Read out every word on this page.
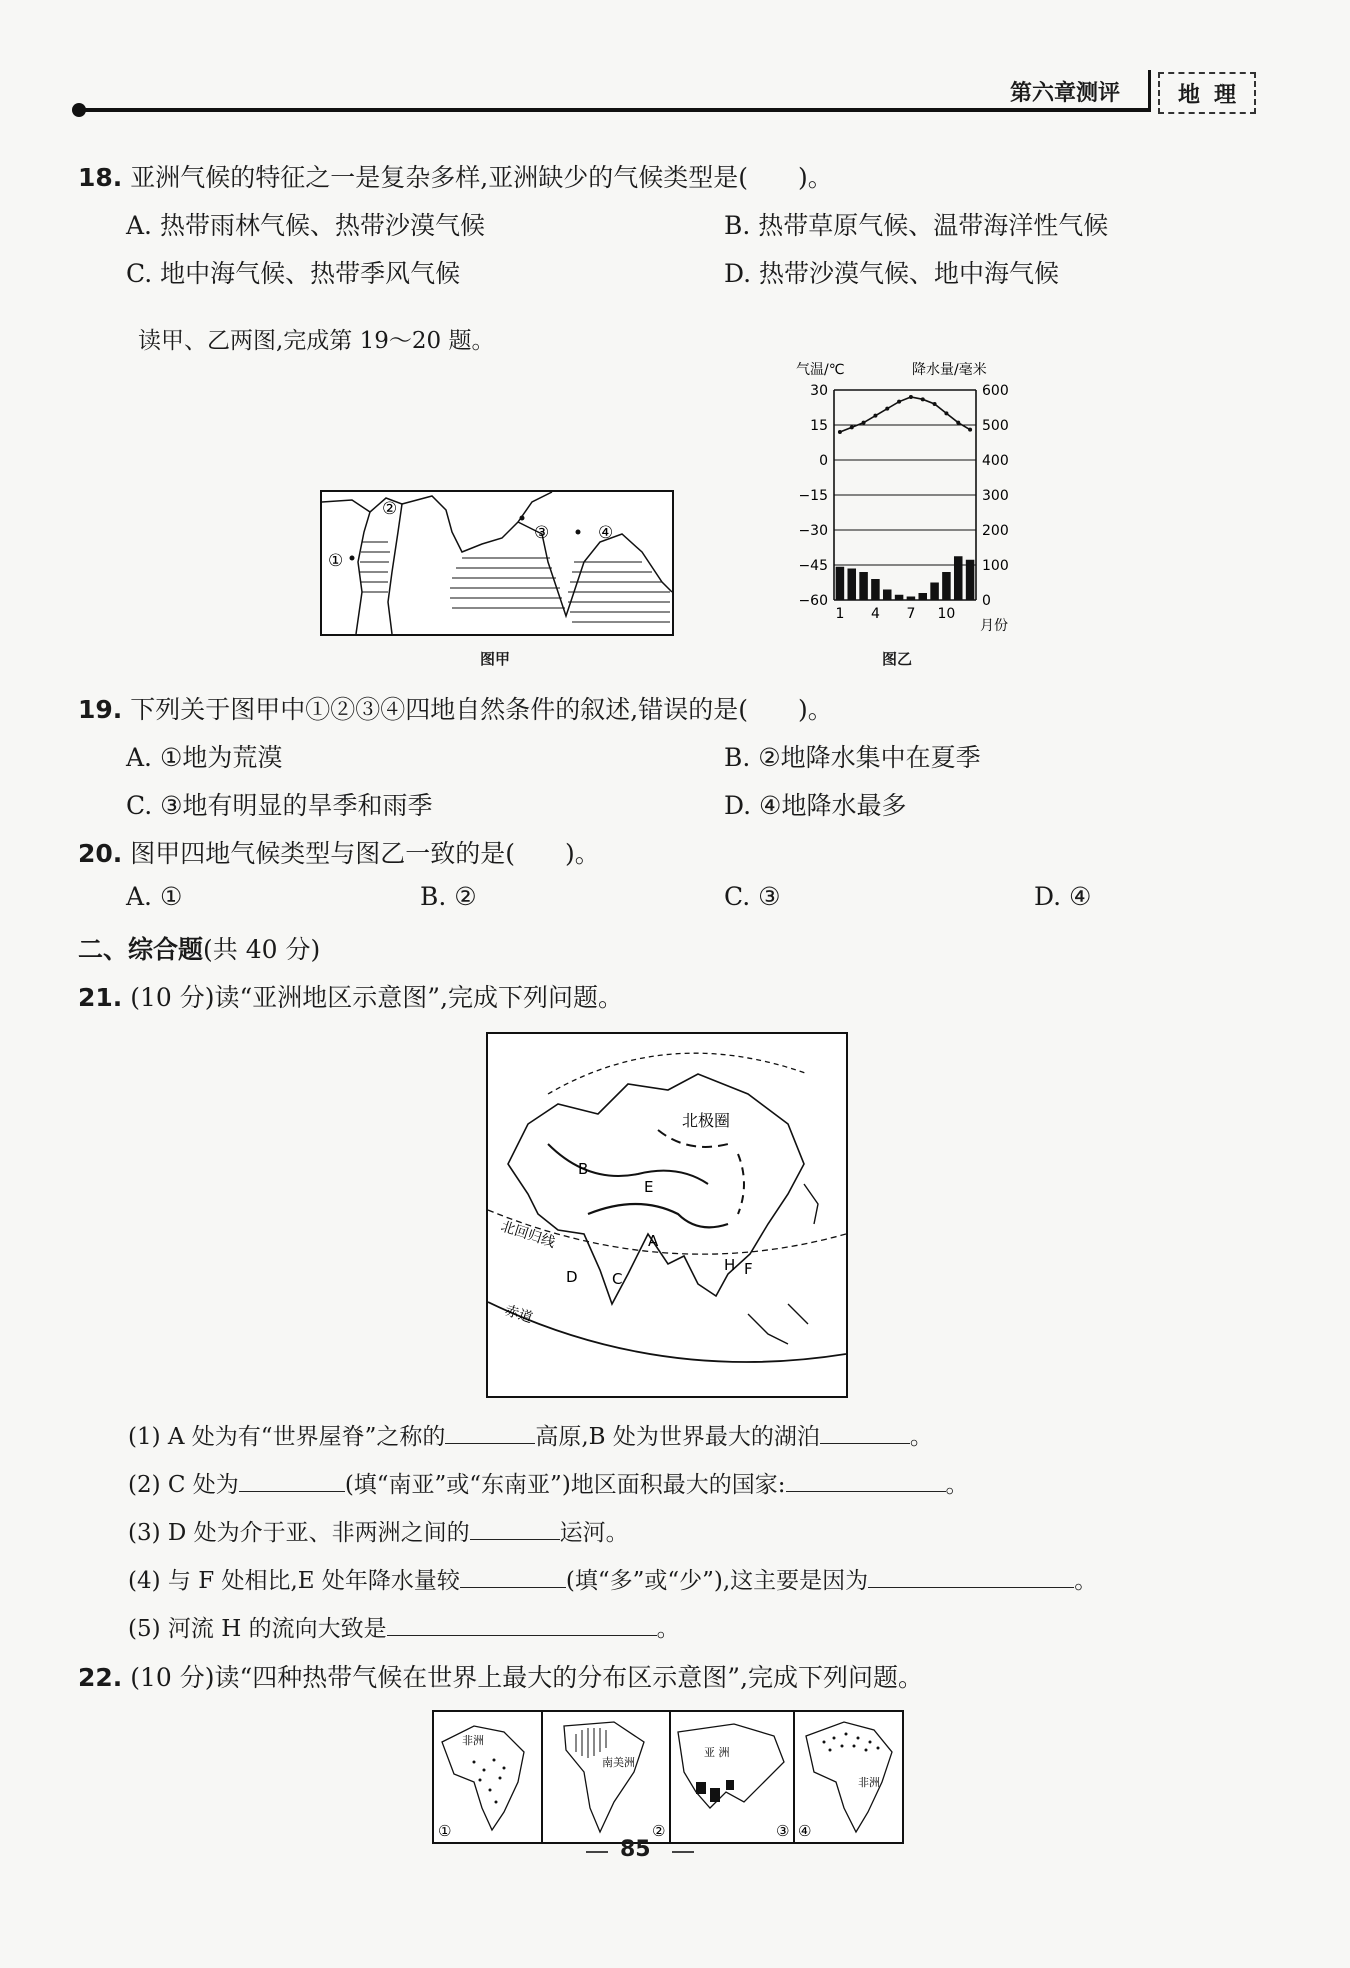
第六章测评	地 理
18. 亚洲气候的特征之一是复杂多样,亚洲缺少的气候类型是(　　)。
A. 热带雨林气候、热带沙漠气候	B. 热带草原气候、温带海洋性气候
C. 地中海气候、热带季风气候	D. 热带沙漠气候、地中海气候
读甲、乙两图,完成第 19～20 题。
①
②
③	④
图甲
气温/℃	降水量/毫米
月份
30	600
15	500
0	400
−15	300
−30	200
−45	100
−60	0
1 4 7 10
图乙
19. 下列关于图甲中①②③④四地自然条件的叙述,错误的是(　　)。
A. ①地为荒漠	B. ②地降水集中在夏季
C. ③地有明显的旱季和雨季	D. ④地降水最多
20. 图甲四地气候类型与图乙一致的是(　　)。
A. ①	B. ②	C. ③	D. ④
二、综合题(共 40 分)
21. (10 分)读“亚洲地区示意图”,完成下列问题。
北极圈
北回归线
赤道
A
B
C
D
E
F
H
(1) A 处为有“世界屋脊”之称的	高原,B 处为世界最大的湖泊	。
(2) C 处为	(填“南亚”或“东南亚”)地区面积最大的国家:	。
(3) D 处为介于亚、非两洲之间的	运河。
(4) 与 F 处相比,E 处年降水量较	(填“多”或“少”),这主要是因为	。
(5) 河流 H 的流向大致是	。
22. (10 分)读“四种热带气候在世界上最大的分布区示意图”,完成下列问题。
非洲
①
南美洲
②
亚 洲
③
非洲
④
85
